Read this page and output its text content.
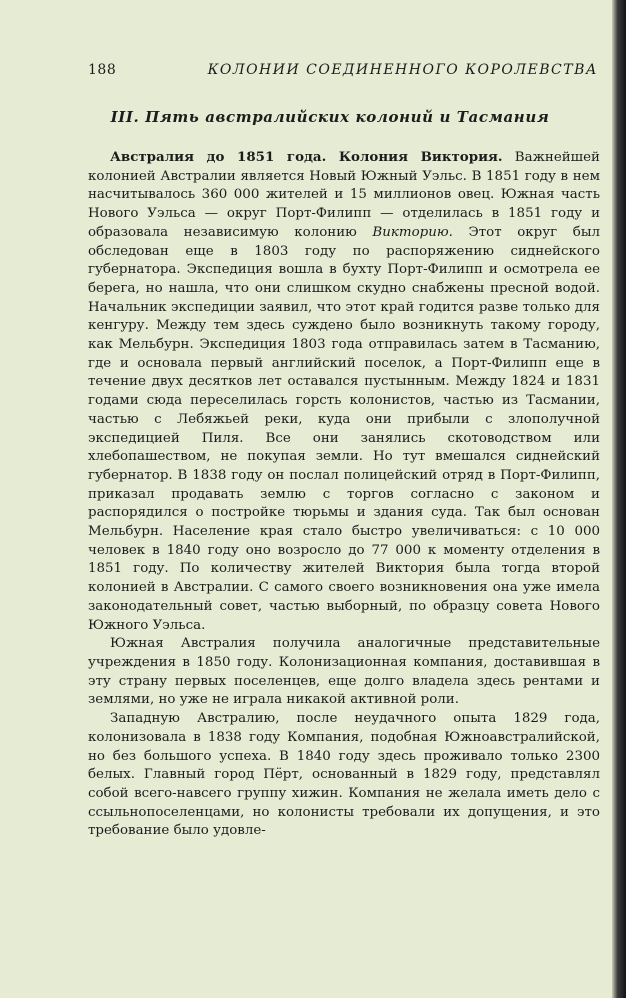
188	КОЛОНИИ СОЕДИНЕННОГО КОРОЛЕВСТВА
III. Пять австралийских колоний и Тасмания

Австралия до 1851 года. Колония Виктория. Важнейшей колонией Австралии является Новый Южный Уэльс. В 1851 году в нем насчитывалось 360 000 жителей и 15 миллионов овец. Южная часть Нового Уэльса — округ Порт-Филипп — отделилась в 1851 году и образовала независимую колонию Викторию. Этот округ был обследован еще в 1803 году по распоряжению сиднейского губернатора. Экспедиция вошла в бухту Порт-Филипп и осмотрела ее берега, но нашла, что они слишком скудно снабжены пресной водой. Начальник экспедиции заявил, что этот край годится разве только для кенгуру. Между тем здесь суждено было возникнуть такому городу, как Мельбурн. Экспедиция 1803 года отправилась затем в Тасманию, где и основала первый английский поселок, а Порт-Филипп еще в течение двух десятков лет оставался пустынным. Между 1824 и 1831 годами сюда переселилась горсть колонистов, частью из Тасмании, частью с Лебяжьей реки, куда они прибыли с злополучной экспедицией Пиля. Все они занялись скотоводством или хлебопашеством, не покупая земли. Но тут вмешался сиднейский губернатор. В 1838 году он послал полицейский отряд в Порт-Филипп, приказал продавать землю с торгов согласно с законом и распорядился о постройке тюрьмы и здания суда. Так был основан Мельбурн. Население края стало быстро увеличиваться: с 10 000 человек в 1840 году оно возросло до 77 000 к моменту отделения в 1851 году. По количеству жителей Виктория была тогда второй колонией в Австралии. С самого своего возникновения она уже имела законодательный совет, частью выборный, по образцу совета Нового Южного Уэльса.

Южная Австралия получила аналогичные представительные учреждения в 1850 году. Колонизационная компания, доставившая в эту страну первых поселенцев, еще долго владела здесь рентами и землями, но уже не играла никакой активной роли.

Западную Австралию, после неудачного опыта 1829 года, колонизовала в 1838 году Компания, подобная Южноавстралийской, но без большого успеха. В 1840 году здесь проживало только 2300 белых. Главный город Пёрт, основанный в 1829 году, представлял собой всего-навсего группу хижин. Компания не желала иметь дело с ссыльнопоселенцами, но колонисты требовали их допущения, и это требование было удовле-
